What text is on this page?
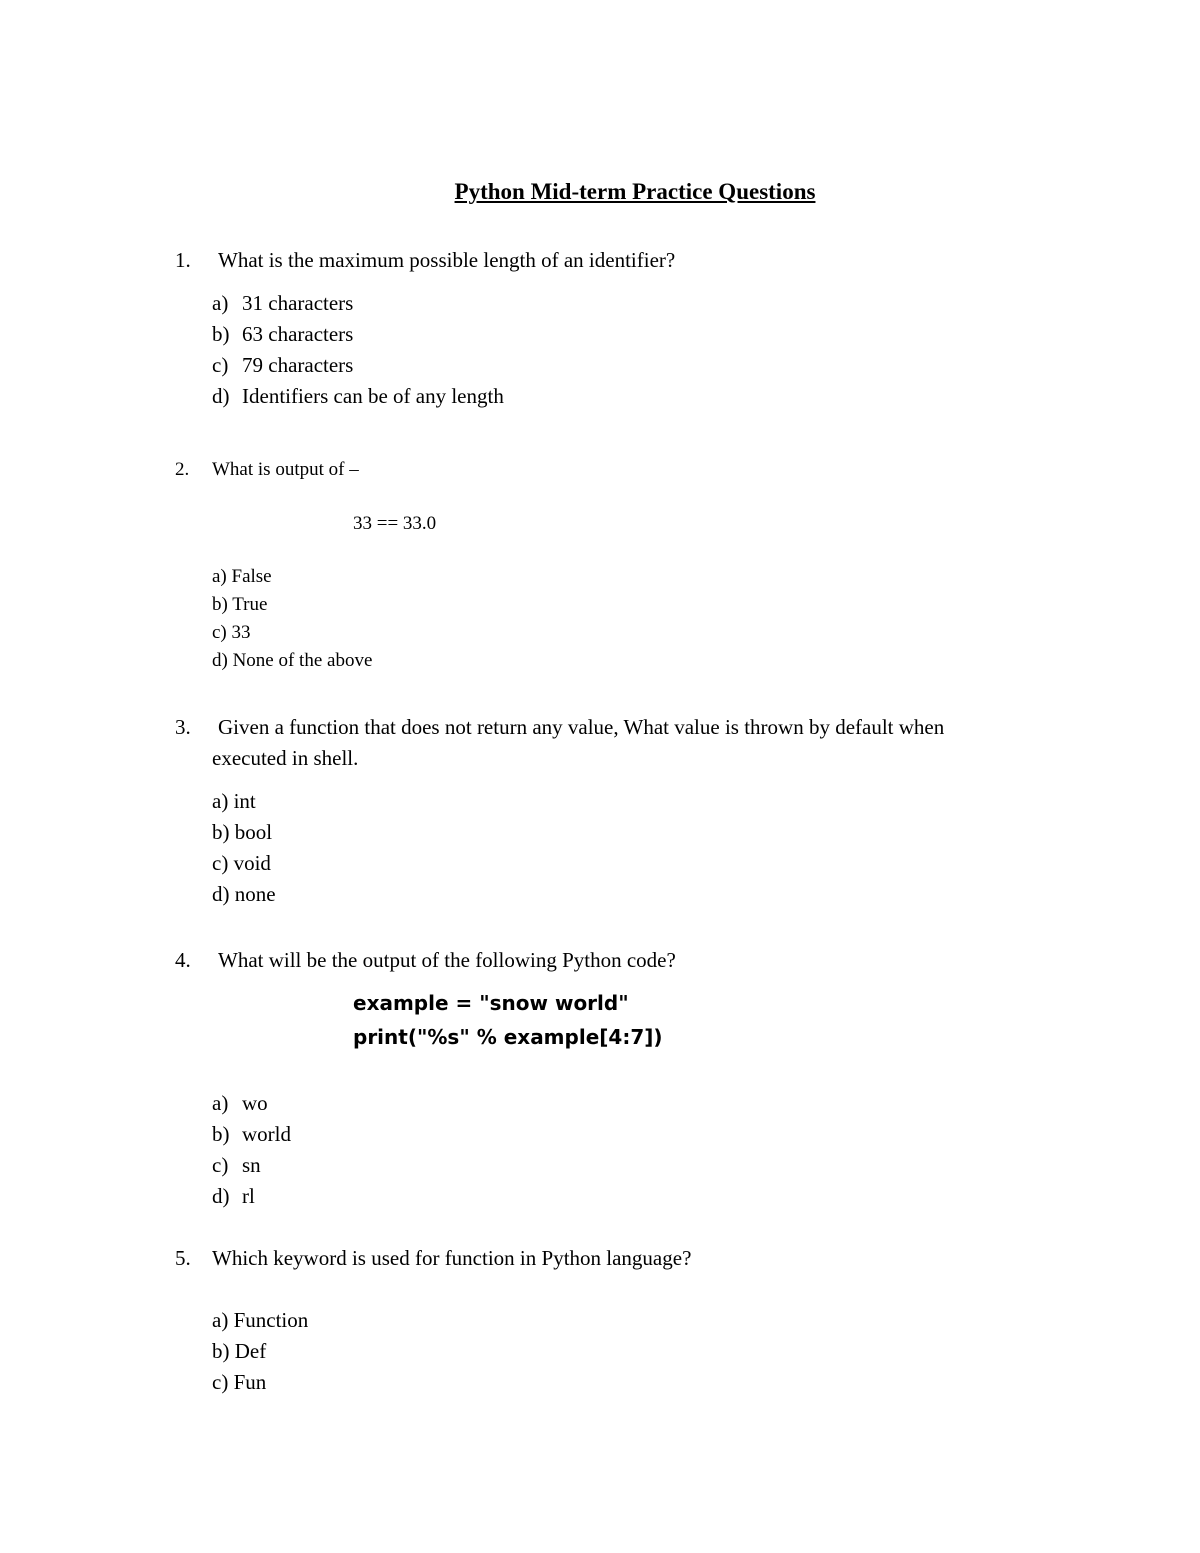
Python Mid-term Practice Questions
1. What is the maximum possible length of an identifier?
a) 31 characters
b) 63 characters
c) 79 characters
d) Identifiers can be of any length
2. What is output of –
33 == 33.0
a) False
b) True
c) 33
d) None of the above
3. Given a function that does not return any value, What value is thrown by default when
executed in shell.
a) int
b) bool
c) void
d) none
4. What will be the output of the following Python code?
example = "snow world"
print("%s" % example[4:7])
a) wo
b) world
c) sn
d) rl
5. Which keyword is used for function in Python language?
a) Function
b) Def
c) Fun
